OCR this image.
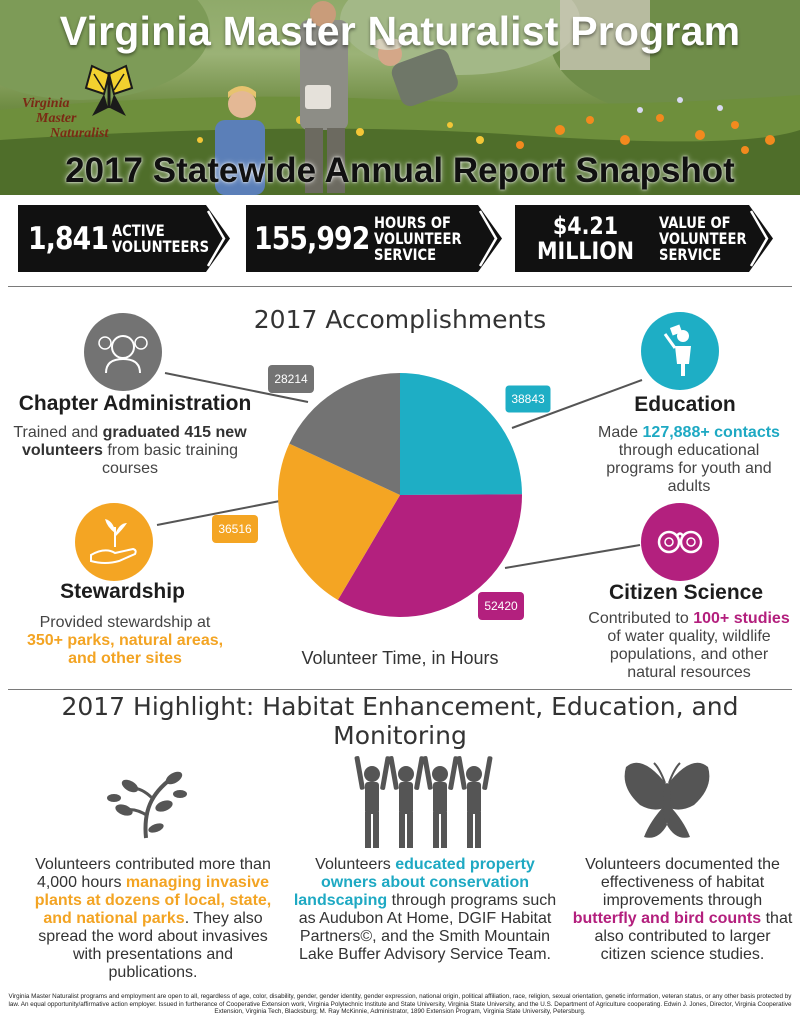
Virginia
Master
Naturalist
Virginia Master Naturalist Program
2017 Statewide Annual Report Snapshot
1,841 ACTIVE
VOLUNTEERS 155,992 HOURS OF
VOLUNTEER
SERVICE
$4.21
MILLION
VALUE OF
VOLUNTEER
SERVICE
2017 Accomplishments
Chapter Administration
Trained and graduated 415 new volunteers from basic training courses
Stewardship
Provided stewardship at
350+ parks, natural areas, and other sites
Education
Made 127,888+ contacts through educational programs for youth and adults
Citizen Science
Contributed to 100+ studies of water quality, wildlife populations, and other natural resources
38843
52420
36516
28214
Volunteer Time, in Hours
2017 Highlight: Habitat Enhancement, Education, and Monitoring
Volunteers contributed more than 4,000 hours managing invasive plants at dozens of local, state, and national parks. They also spread the word about invasives with presentations and publications.
Volunteers educated property owners about conservation landscaping through programs such as Audubon At Home, DGIF Habitat Partners©, and the Smith Mountain Lake Buffer Advisory Service Team.
Volunteers documented the effectiveness of habitat improvements through butterfly and bird counts that also contributed to larger citizen science studies.
Virginia Master Naturalist programs and employment are open to all, regardless of age, color, disability, gender, gender identity, gender expression, national origin, political affiliation, race, religion, sexual orientation, genetic information, veteran status, or any other basis protected by law. An equal opportunity/affirmative action employer. Issued in furtherance of Cooperative Extension work, Virginia Polytechnic Institute and State University, Virginia State University, and the U.S. Department of Agriculture cooperating. Edwin J. Jones, Director, Virginia Cooperative Extension, Virginia Tech, Blacksburg; M. Ray McKinnie, Administrator, 1890 Extension Program, Virginia State University, Petersburg.
